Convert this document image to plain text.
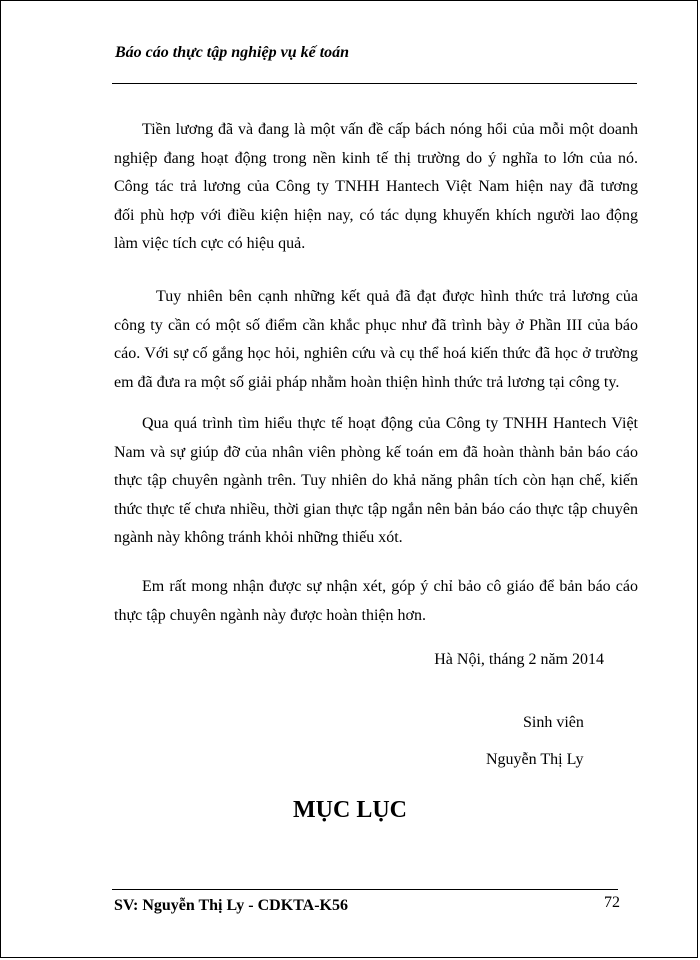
Báo cáo thực tập nghiệp vụ kế toán
Tiền lương đã và đang là một vấn đề cấp bách nóng hổi của mỗi một doanh
nghiệp đang hoạt động trong nền kinh tế thị trường do ý nghĩa to lớn của nó.
Công tác trả lương của Công ty TNHH Hantech Việt Nam hiện nay đã tương
đối phù hợp với điều kiện hiện nay, có tác dụng khuyến khích người lao động
làm việc tích cực có hiệu quả.
Tuy nhiên bên cạnh những kết quả đã đạt được hình thức trả lương của
công ty cần có một số điểm cần khắc phục như đã trình bày ở Phần III của báo
cáo. Với sự cố gắng học hỏi, nghiên cứu và cụ thể hoá kiến thức đã học ở trường
em đã đưa ra một số giải pháp nhằm hoàn thiện hình thức trả lương tại công ty.
Qua quá trình tìm hiểu thực tế hoạt động của Công ty TNHH Hantech Việt
Nam và sự giúp đỡ của nhân viên phòng kế toán em đã hoàn thành bản báo cáo
thực tập chuyên ngành trên. Tuy nhiên do khả năng phân tích còn hạn chế, kiến
thức thực tế chưa nhiều, thời gian thực tập ngắn nên bản báo cáo thực tập chuyên
ngành này không tránh khỏi những thiếu xót.
Em rất mong nhận được sự nhận xét, góp ý chỉ bảo cô giáo để bản báo cáo
thực tập chuyên ngành này được hoàn thiện hơn.
Hà Nội, tháng 2 năm 2014
Sinh viên
Nguyễn Thị Ly
MỤC LỤC
SV: Nguyễn Thị Ly - CDKTA-K56	72
